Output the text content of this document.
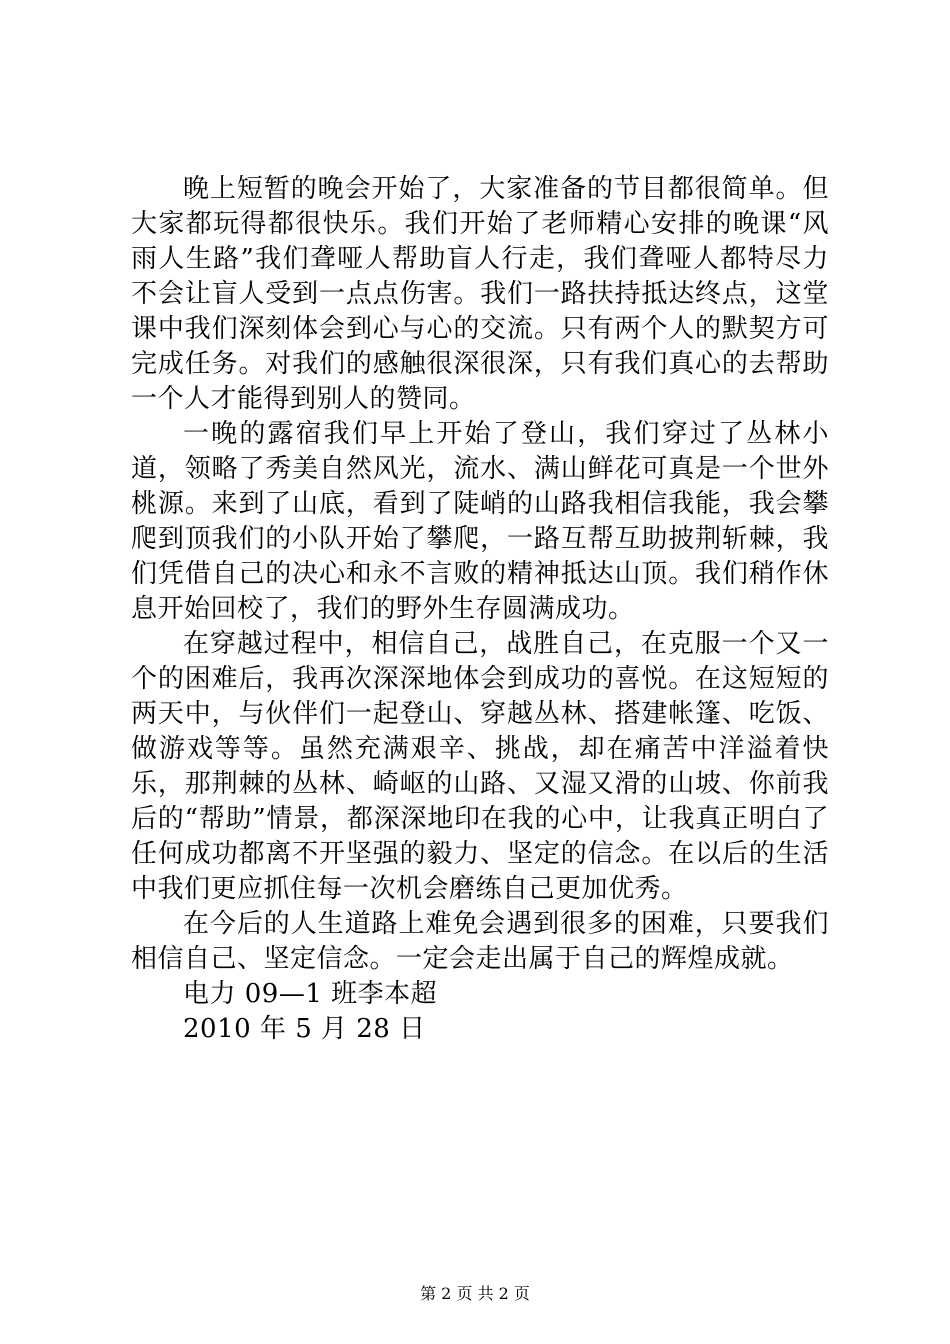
晚上短暂的晚会开始了，大家准备的节目都很简单。但大家都玩得都很快乐。我们开始了老师精心安排的晚课“风雨人生路”我们聋哑人帮助盲人行走，我们聋哑人都特尽力不会让盲人受到一点点伤害。我们一路扶持抵达终点，这堂课中我们深刻体会到心与心的交流。只有两个人的默契方可完成任务。对我们的感触很深很深，只有我们真心的去帮助一个人才能得到别人的赞同。

一晚的露宿我们早上开始了登山，我们穿过了丛林小道，领略了秀美自然风光，流水、满山鲜花可真是一个世外桃源。来到了山底，看到了陡峭的山路我相信我能，我会攀爬到顶我们的小队开始了攀爬，一路互帮互助披荆斩棘，我们凭借自己的决心和永不言败的精神抵达山顶。我们稍作休息开始回校了，我们的野外生存圆满成功。

在穿越过程中，相信自己，战胜自己，在克服一个又一个的困难后，我再次深深地体会到成功的喜悦。在这短短的两天中，与伙伴们一起登山、穿越丛林、搭建帐篷、吃饭、做游戏等等。虽然充满艰辛、挑战，却在痛苦中洋溢着快乐，那荆棘的丛林、崎岖的山路、又湿又滑的山坡、你前我后的“帮助”情景，都深深地印在我的心中，让我真正明白了任何成功都离不开坚强的毅力、坚定的信念。在以后的生活中我们更应抓住每一次机会磨练自己更加优秀。

在今后的人生道路上难免会遇到很多的困难，只要我们相信自己、坚定信念。一定会走出属于自己的辉煌成就。

电力 09—1 班李本超

2010 年 5 月 28 日

第 2 页 共 2 页
